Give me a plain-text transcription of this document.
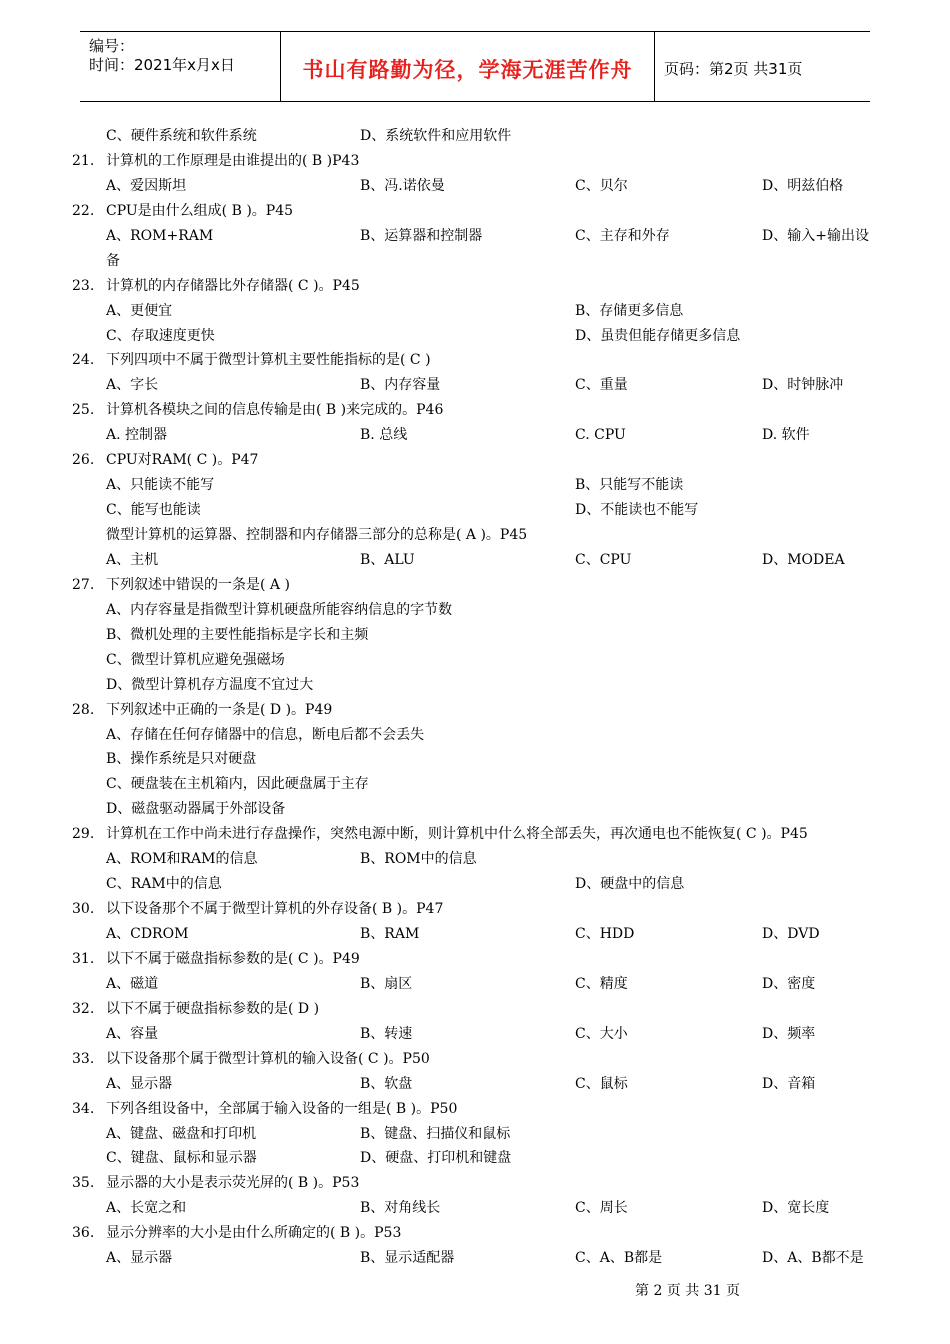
编号：
时间：2021年x月x日	书山有路勤为径，学海无涯苦作舟	页码：第2页 共31页
C、硬件系统和软件系统	D、系统软件和应用软件
21. 计算机的工作原理是由谁提出的( B )P43
A、爱因斯坦	B、冯.诺依曼	C、贝尔	D、明兹伯格
22. CPU是由什么组成( B )。P45
A、ROM+RAM	B、运算器和控制器	C、主存和外存	D、输入+输出设
备
23. 计算机的内存储器比外存储器( C )。P45
A、更便宜	B、存储更多信息
C、存取速度更快	D、虽贵但能存储更多信息
24. 下列四项中不属于微型计算机主要性能指标的是( C )
A、字长	B、内存容量	C、重量	D、时钟脉冲
25. 计算机各模块之间的信息传输是由( B )来完成的。P46
A. 控制器	B. 总线	C. CPU	D. 软件
26. CPU对RAM( C )。P47
A、只能读不能写	B、只能写不能读
C、能写也能读	D、不能读也不能写
微型计算机的运算器、控制器和内存储器三部分的总称是( A )。P45
A、主机	B、ALU	C、CPU	D、MODEA
27. 下列叙述中错误的一条是( A )
A、内存容量是指微型计算机硬盘所能容纳信息的字节数
B、微机处理的主要性能指标是字长和主频
C、微型计算机应避免强磁场
D、微型计算机存方温度不宜过大
28. 下列叙述中正确的一条是( D )。P49
A、存储在任何存储器中的信息，断电后都不会丢失
B、操作系统是只对硬盘
C、硬盘装在主机箱内，因此硬盘属于主存
D、磁盘驱动器属于外部设备
29. 计算机在工作中尚未进行存盘操作，突然电源中断，则计算机中什么将全部丢失，再次通电也不能恢复( C )。P45
A、ROM和RAM的信息	B、ROM中的信息
C、RAM中的信息	D、硬盘中的信息
30. 以下设备那个不属于微型计算机的外存设备( B )。P47
A、CDROM	B、RAM	C、HDD	D、DVD
31. 以下不属于磁盘指标参数的是( C )。P49
A、磁道	B、扇区	C、精度	D、密度
32. 以下不属于硬盘指标参数的是( D )
A、容量	B、转速	C、大小	D、频率
33. 以下设备那个属于微型计算机的输入设备( C )。P50
A、显示器	B、软盘	C、鼠标	D、音箱
34. 下列各组设备中，全部属于输入设备的一组是( B )。P50
A、键盘、磁盘和打印机	B、键盘、扫描仪和鼠标
C、键盘、鼠标和显示器	D、硬盘、打印机和键盘
35. 显示器的大小是表示荧光屏的( B )。P53
A、长宽之和	B、对角线长	C、周长	D、宽长度
36. 显示分辨率的大小是由什么所确定的( B )。P53
A、显示器	B、显示适配器	C、A、B都是	D、A、B都不是
第 2 页 共 31 页
